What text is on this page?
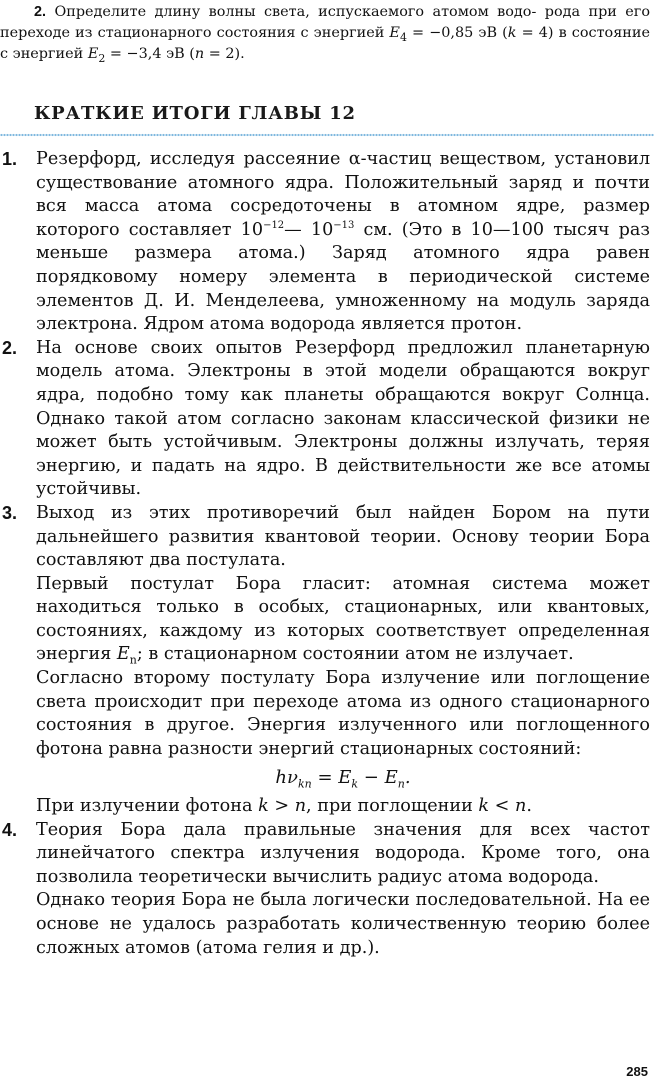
2. Определите длину волны света, испускаемого атомом водо- рода при его переходе из стационарного состояния с энергией $E_4 = -0,85$ эВ (k = 4) в состояние с энергией $E_2 = -3,4$ эВ (n = 2).

КРАТКИЕ ИТОГИ ГЛАВЫ 12
1. Резерфорд, исследуя рассеяние α-частиц веществом, установил существование атомного ядра. Положительный заряд и почти вся масса атома сосредоточены в атомном ядре, размер которого составляет $10^{-12}—$ $10^{-13}$ см. (Это в 10—100 тысяч раз меньше размера атома.) Заряд атомного ядра равен порядковому номеру элемента в периодической системе элементов Д. И. Менделеева, умноженному на модуль заряда электрона. Ядром атома водорода является протон.

2. На основе своих опытов Резерфорд предложил планетарную модель атома. Электроны в этой модели обращаются вокруг ядра, подобно тому как планеты обращаются вокруг Солнца. Однако такой атом согласно законам классической физики не может быть устойчивым. Электроны должны излучать, теряя энергию, и падать на ядро. В действительности же все атомы устойчивы.

3. Выход из этих противоречий был найден Бором на пути дальнейшего развития квантовой теории. Основу теории Бора составляют два постулата.

Первый постулат Бора гласит: атомная система может находиться только в особых, стационарных, или квантовых, состояниях, каждому из которых соответствует определенная энергия $E_n$; в стационарном состоянии атом не излучает.

Согласно второму постулату Бора излучение или поглощение света происходит при переходе атома из одного стационарного состояния в другое. Энергия излученного или поглощенного фотона равна разности энергий стационарных состояний:

$h\nu_{kn} = E_k - E_n$.

При излучении фотона k > n, при поглощении k < n.

4. Теория Бора дала правильные значения для всех частот линейчатого спектра излучения водорода. Кроме того, она позволила теоретически вычислить радиус атома водорода.

Однако теория Бора не была логически последовательной. На ее основе не удалось разработать количественную теорию более сложных атомов (атома гелия и др.).

285
